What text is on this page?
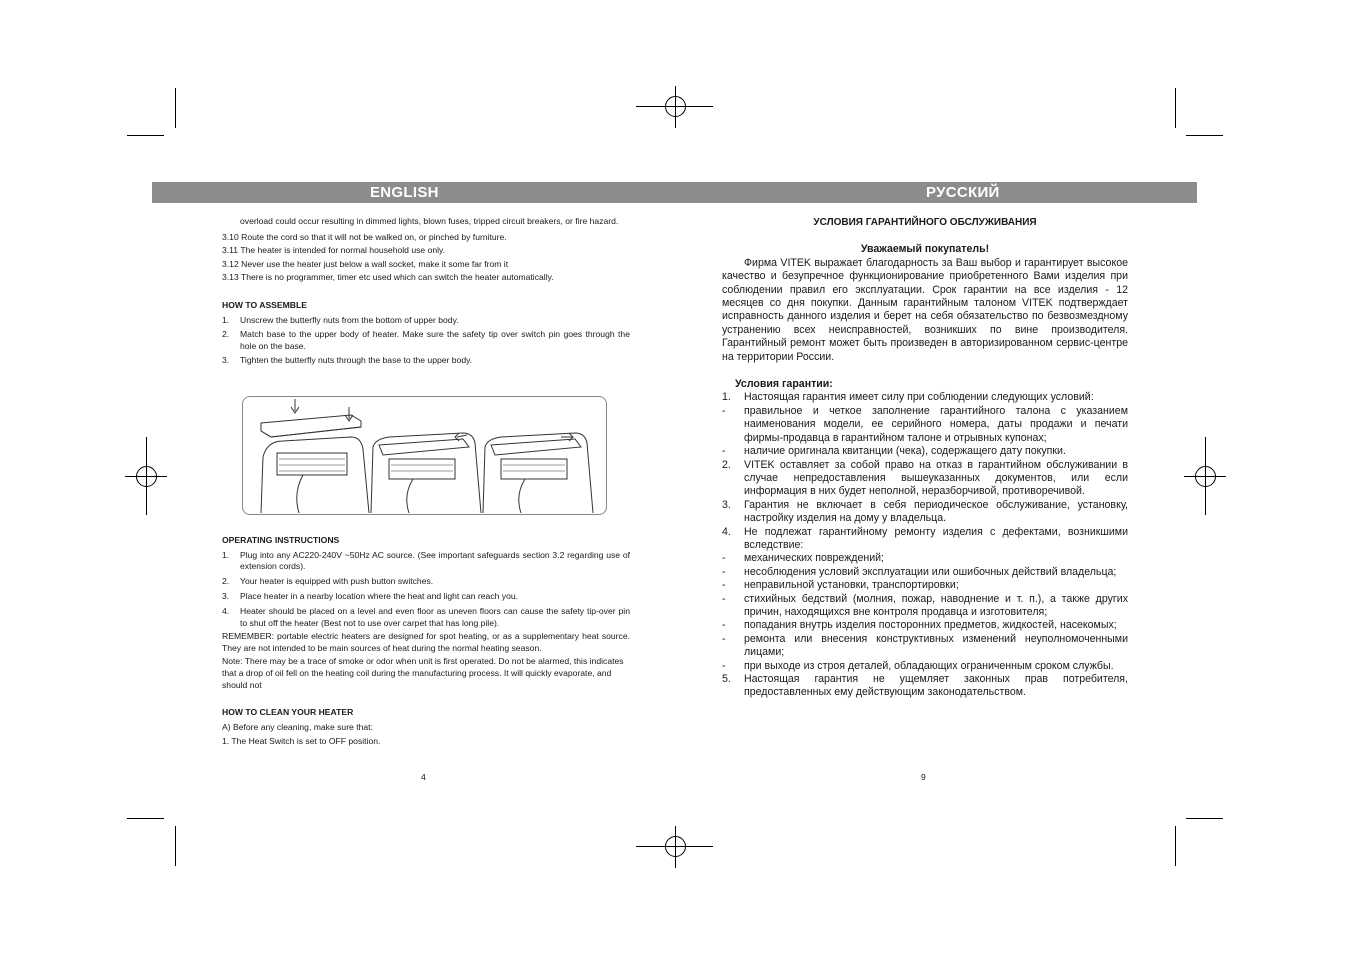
ENGLISH	РУССКИЙ

overload could occur resulting in dimmed lights, blown fuses, tripped circuit breakers, or fire hazard.

3.10 Route the cord so that it will not be walked on, or pinched by furniture.

3.11 The heater is intended for normal household use only.

3.12 Never use the heater just below a wall socket, make it some far from it

3.13 There is no programmer, timer etc used which can switch the heater automatically.

HOW TO ASSEMBLE

1.	Unscrew the butterfly nuts from the bottom of upper body.
2.	Match base to the upper body of heater. Make sure the safety tip over switch pin goes through the hole on the base.
3.	Tighten the butterfly nuts through the base to the upper body.

OPERATING INSTRUCTIONS

1.	Plug into any AC220-240V ~50Hz AC source. (See important safeguards section 3.2 regarding use of extension cords).
2.	Your heater is equipped with push button switches.
3.	Place heater in a nearby location where the heat and light can reach you.
4.	Heater should be placed on a level and even floor as uneven floors can cause the safety tip-over pin to shut off the heater (Best not to use over carpet that has long pile).

REMEMBER: portable electric heaters are designed for spot heating, or as a supplementary heat source. They are not intended to be main sources of heat during the normal heating season.

Note: There may be a trace of smoke or odor when unit is first operated. Do not be alarmed, this indicates that a drop of oil fell on the heating coil during the manufacturing process. It will quickly evaporate, and should not

HOW TO CLEAN YOUR HEATER

A) Before any cleaning, make sure that:

1. The Heat Switch is set to OFF position.

4

УСЛОВИЯ ГАРАНТИЙНОГО ОБСЛУЖИВАНИЯ

Уважаемый покупатель!

Фирма VITEK выражает благодарность за Ваш выбор и гарантирует высокое качество и безупречное функционирование приобретенного Вами изделия при соблюдении правил его эксплуатации. Срок гарантии на все изделия - 12 месяцев со дня покупки. Данным гарантийным талоном VITEK подтверждает исправность данного изделия и берет на себя обязательство по безвозмездному устранению всех неисправностей, возникших по вине производителя. Гарантийный ремонт может быть произведен в авторизированном сервис-центре на территории России.

Условия гарантии:

1.	Настоящая гарантия имеет силу при соблюдении следующих условий:
-	правильное и четкое заполнение гарантийного талона с указанием наименования модели, ее серийного номера, даты продажи и печати фирмы-продавца в гарантийном талоне и отрывных купонах;
-	наличие оригинала квитанции (чека), содержащего дату покупки.
2.	VITEK оставляет за собой право на отказ в гарантийном обслуживании в случае непредоставления вышеуказанных документов, или если информация в них будет неполной, неразборчивой, противоречивой.
3.	Гарантия не включает в себя периодическое обслуживание, установку, настройку изделия на дому у владельца.
4.	Не подлежат гарантийному ремонту изделия с дефектами, возникшими вследствие:
-	механических повреждений;
-	несоблюдения условий эксплуатации или ошибочных действий владельца;
-	неправильной установки, транспортировки;
-	стихийных бедствий (молния, пожар, наводнение и т. п.), а также других причин, находящихся вне контроля продавца и изготовителя;
-	попадания внутрь изделия посторонних предметов, жидкостей, насекомых;
-	ремонта или внесения конструктивных изменений неуполномоченными лицами;
-	при выходе из строя деталей, обладающих ограниченным сроком службы.
5.	Настоящая гарантия не ущемляет законных прав потребителя, предоставленных ему действующим законодательством.
9
